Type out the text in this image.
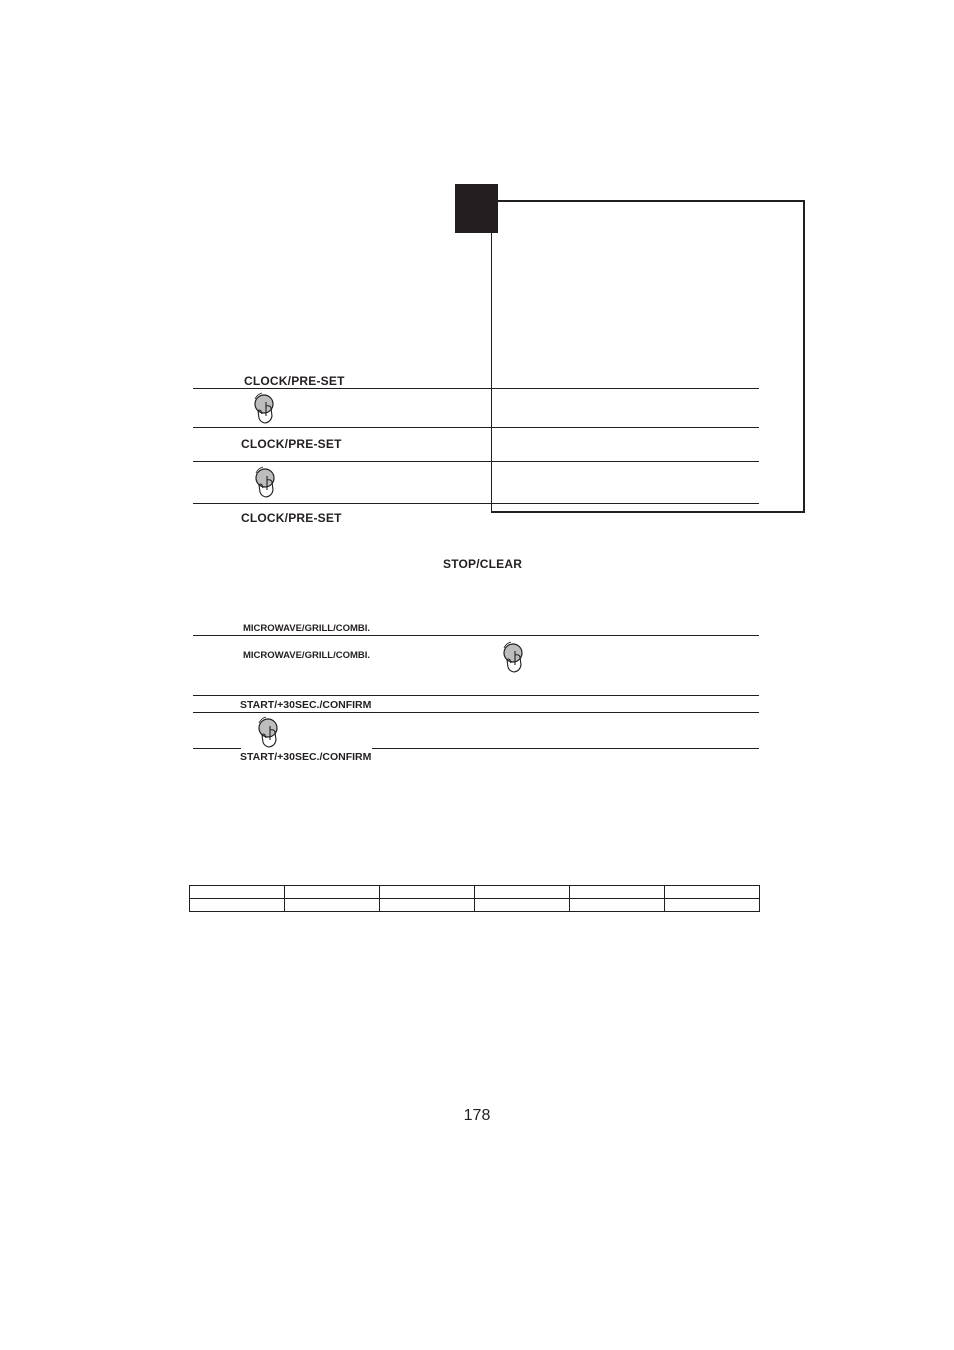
CLOCK/PRE-SET
CLOCK/PRE-SET
CLOCK/PRE-SET
STOP/CLEAR
MICROWAVE/GRILL/COMBI.
MICROWAVE/GRILL/COMBI.
START/+30SEC./CONFIRM
START/+30SEC./CONFIRM

178
